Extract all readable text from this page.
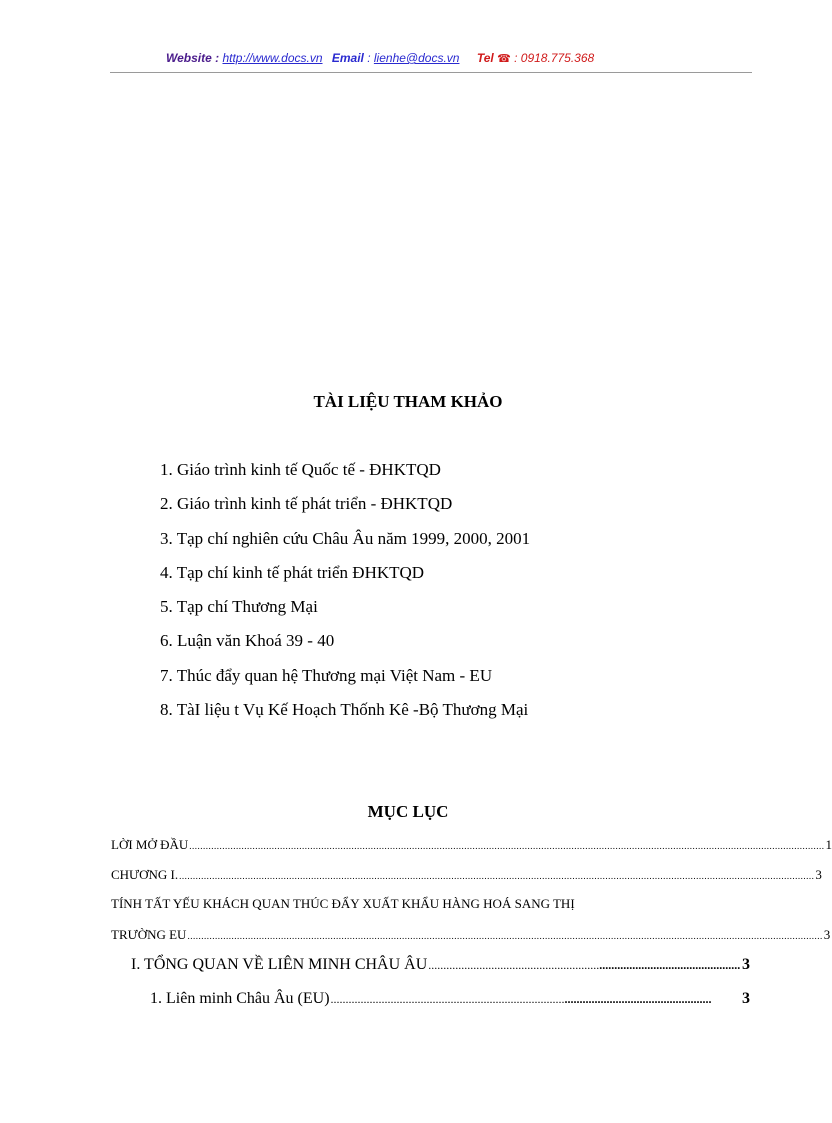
Website : http://www.docs.vn Email : lienhe@docs.vn Tel ☎ : 0918.775.368
TÀI LIỆU THAM KHẢO
1. Giáo trình kinh tế Quốc tế - ĐHKTQD
2. Giáo trình kinh tế phát triển - ĐHKTQD
3. Tạp chí nghiên cứu Châu Âu năm 1999, 2000, 2001
4. Tạp chí kinh tế phát triển ĐHKTQD
5. Tạp chí Thương Mại
6. Luận văn Khoá 39 - 40
7. Thúc đẩy quan hệ Thương mại Việt Nam - EU
8. TàI liệu t Vụ Kế Hoạch Thốnh Kê -Bộ Thương Mại
MỤC LỤC
LỜI MỞ ĐẦU ....................................................................................................................................................................................................................................... 1
CHƯƠNG I. ....................................................................................................................................................................................................................................... 3
TÍNH TẤT YẾU KHÁCH QUAN THÚC ĐẨY XUẤT KHẨU HÀNG HOÁ SANG THỊ
TRƯỜNG EU ....................................................................................................................................................................................................................................... 3
I. TỔNG QUAN VỀ LIÊN MINH CHÂU ÂU ........................................................................................................ 3
1. Liên minh Châu Âu (EU) ...............................................................................................................................	3
